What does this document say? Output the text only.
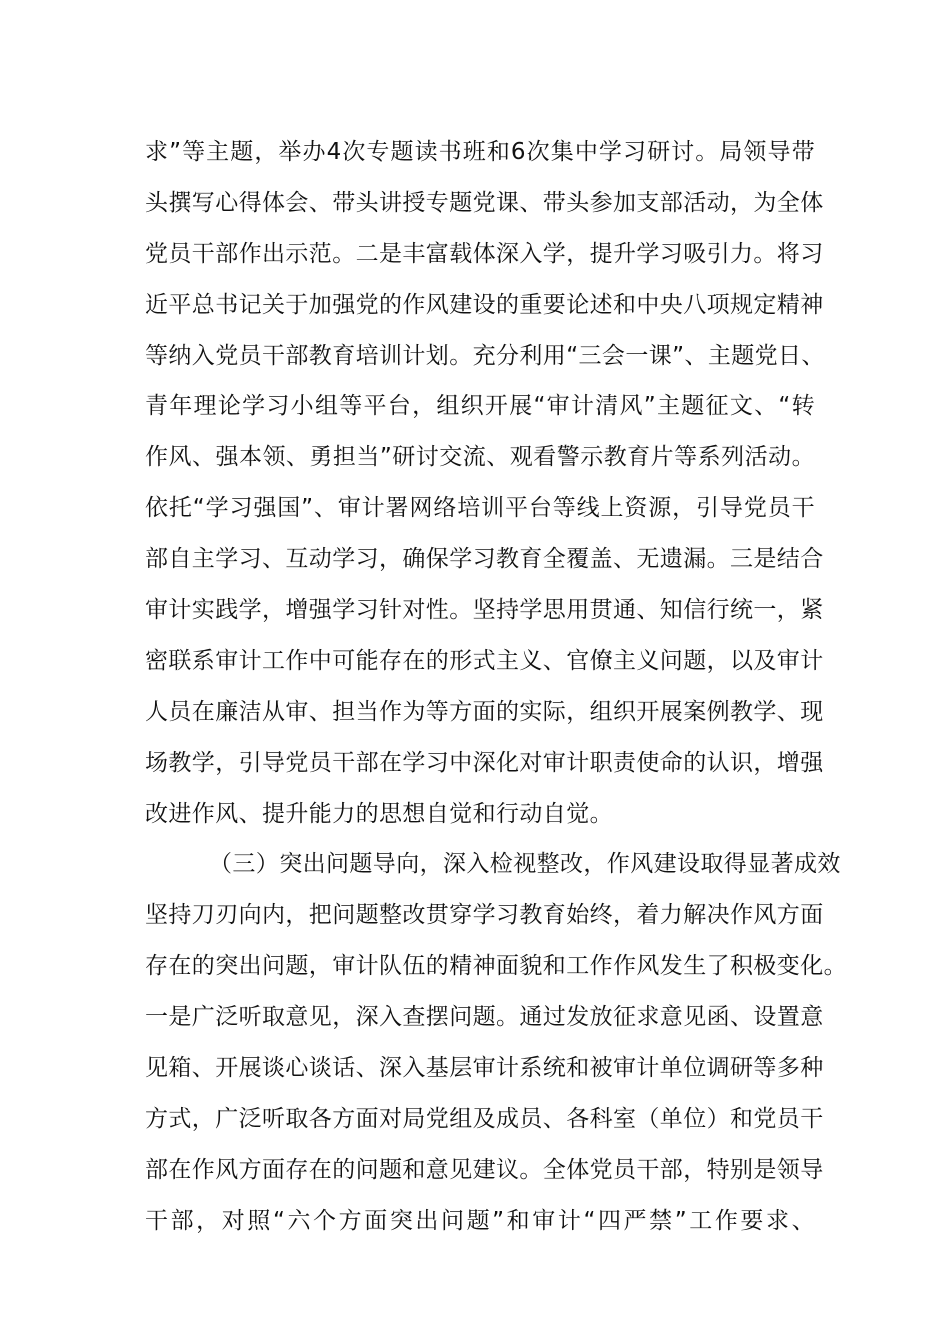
求”等主题，举办4次专题读书班和6次集中学习研讨。局领导带
头撰写心得体会、带头讲授专题党课、带头参加支部活动，为全体
党员干部作出示范。二是丰富载体深入学，提升学习吸引力。将习
近平总书记关于加强党的作风建设的重要论述和中央八项规定精神
等纳入党员干部教育培训计划。充分利用“三会一课”、主题党日、
青年理论学习小组等平台，组织开展“审计清风”主题征文、“转
作风、强本领、勇担当”研讨交流、观看警示教育片等系列活动。
依托“学习强国”、审计署网络培训平台等线上资源，引导党员干
部自主学习、互动学习，确保学习教育全覆盖、无遗漏。三是结合
审计实践学，增强学习针对性。坚持学思用贯通、知信行统一，紧
密联系审计工作中可能存在的形式主义、官僚主义问题，以及审计
人员在廉洁从审、担当作为等方面的实际，组织开展案例教学、现
场教学，引导党员干部在学习中深化对审计职责使命的认识，增强
改进作风、提升能力的思想自觉和行动自觉。
（三）突出问题导向，深入检视整改，作风建设取得显著成效
坚持刀刃向内，把问题整改贯穿学习教育始终，着力解决作风方面
存在的突出问题，审计队伍的精神面貌和工作作风发生了积极变化。
一是广泛听取意见，深入查摆问题。通过发放征求意见函、设置意
见箱、开展谈心谈话、深入基层审计系统和被审计单位调研等多种
方式，广泛听取各方面对局党组及成员、各科室（单位）和党员干
部在作风方面存在的问题和意见建议。全体党员干部，特别是领导
干部，对照“六个方面突出问题”和审计“四严禁”工作要求、
